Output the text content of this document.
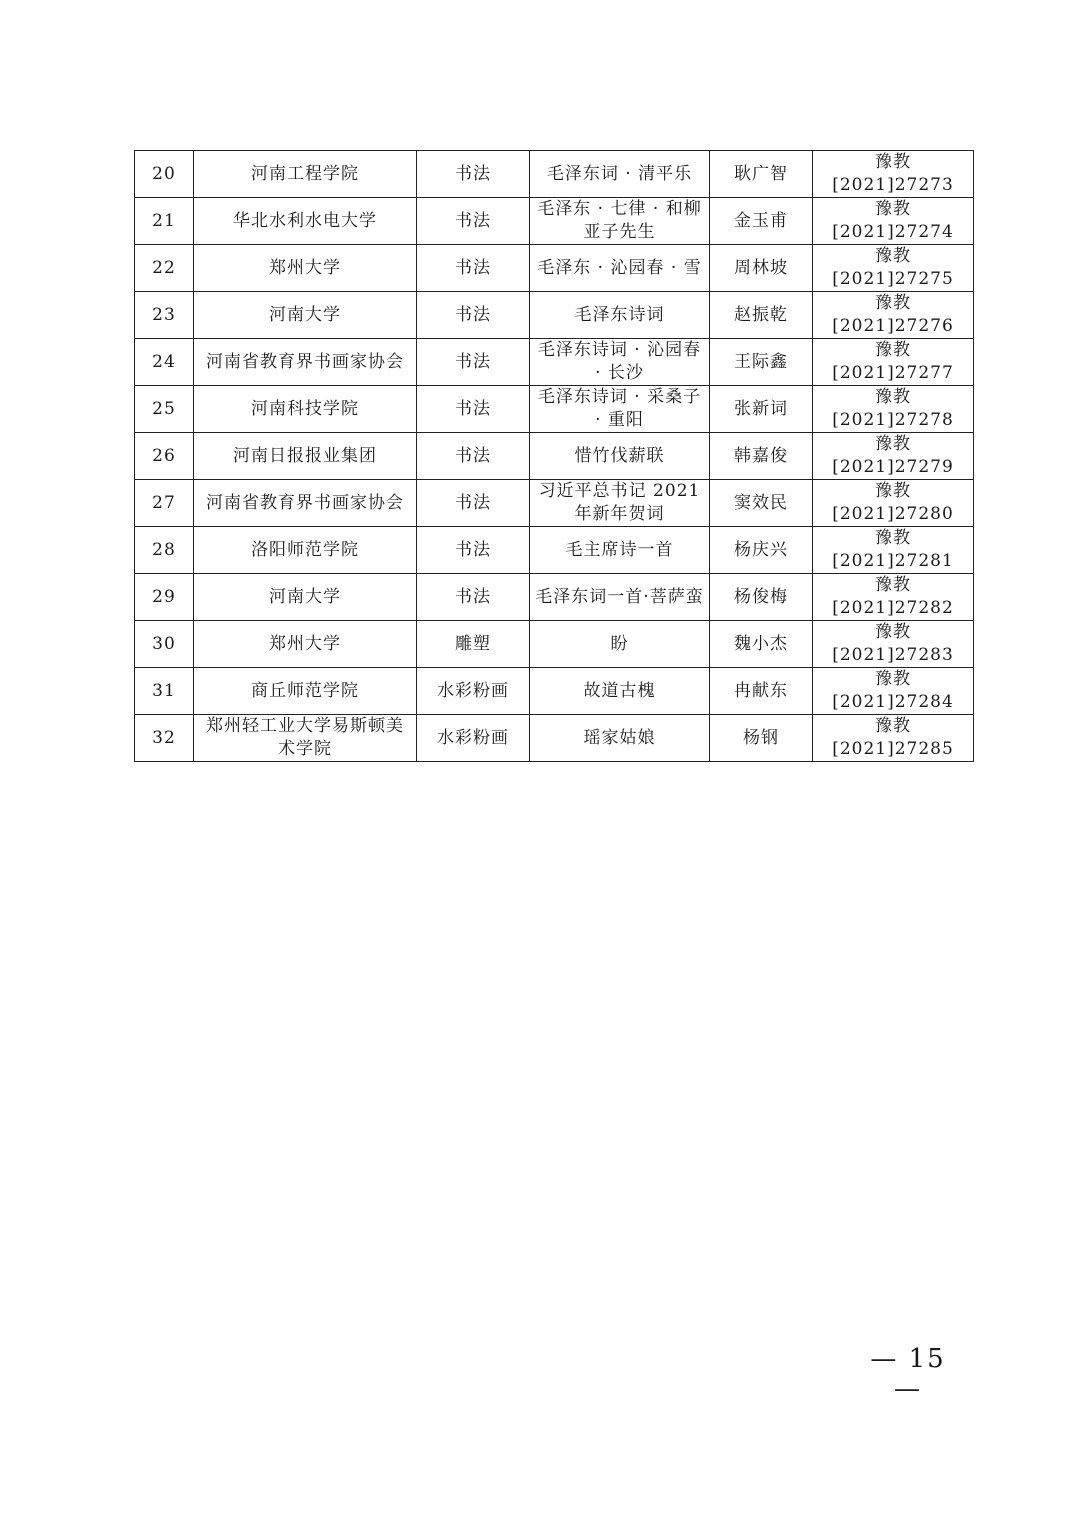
20	河南工程学院	书法	毛泽东词 · 清平乐	耿广智	豫教[2021]27273
21	华北水利水电大学	书法	毛泽东 · 七律 · 和柳亚子先生	金玉甫	豫教[2021]27274
22	郑州大学	书法	毛泽东 · 沁园春 · 雪	周林坡	豫教[2021]27275
23	河南大学	书法	毛泽东诗词	赵振乾	豫教[2021]27276
24	河南省教育界书画家协会	书法	毛泽东诗词 · 沁园春 · 长沙	王际鑫	豫教[2021]27277
25	河南科技学院	书法	毛泽东诗词 · 采桑子 · 重阳	张新词	豫教[2021]27278
26	河南日报报业集团	书法	惜竹伐薪联	韩嘉俊	豫教[2021]27279
27	河南省教育界书画家协会	书法	习近平总书记 2021 年新年贺词	窦效民	豫教[2021]27280
28	洛阳师范学院	书法	毛主席诗一首	杨庆兴	豫教[2021]27281
29	河南大学	书法	毛泽东词一首·菩萨蛮	杨俊梅	豫教[2021]27282
30	郑州大学	雕塑	盼	魏小杰	豫教[2021]27283
31	商丘师范学院	水彩粉画	故道古槐	冉献东	豫教[2021]27284
32	郑州轻工业大学易斯顿美术学院	水彩粉画	瑶家姑娘	杨钢	豫教[2021]27285
— 15 —
